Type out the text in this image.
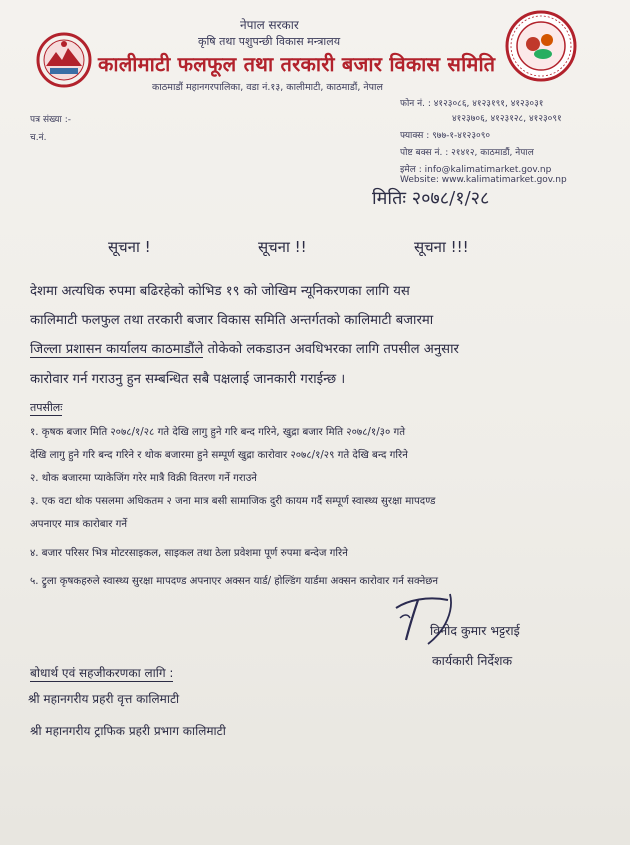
नेपाल सरकार
कृषि तथा पशुपन्छी विकास मन्त्रालय
कालीमाटी फलफूल तथा तरकारी बजार विकास समिति
काठमाडौं महानगरपालिका, वडा नं.१३, कालीमाटी, काठमाडौं, नेपाल
पत्र संख्या :-
च.नं.
फोन नं. : ४१२३०८६, ४१२३१९१, ४१२३०३१
४१२३७०६, ४१२३१२८, ४१२३०९१
फ्याक्स : ९७७-१-४१२३०९०
पोष्ट बक्स नं. : २१४१२, काठमाडौं, नेपाल
इमेल : info@kalimatimarket.gov.np
Website: www.kalimatimarket.gov.np
मितिः २०७८/१/२८
सूचना !	सूचना !!	सूचना !!!
देशमा अत्यधिक रुपमा बढिरहेको कोभिड १९ को जोखिम न्यूनिकरणका लागि यस
कालिमाटी फलफुल तथा तरकारी बजार विकास समिति अन्तर्गतको कालिमाटी बजारमा
जिल्ला प्रशासन कार्यालय काठमाडौंले तोकेको लकडाउन अवधिभरका लागि तपसील अनुसार
कारोवार गर्न गराउनु हुन सम्बन्धित सबै पक्षलाई जानकारी गराईन्छ ।
तपसीलः
१. कृषक बजार मिति २०७८/१/२८ गते देखि लागु हुने गरि बन्द गरिने, खुद्रा बजार मिति २०७८/१/३० गते
देखि लागु हुने गरि बन्द गरिने र थोक बजारमा हुने सम्पूर्ण खुद्रा कारोवार २०७८/१/२९ गते देखि बन्द गरिने
२. थोक बजारमा प्याकेजिंग गरेर मात्रै विक्री वितरण गर्ने गराउने
३. एक वटा थोक पसलमा अधिकतम २ जना मात्र बसी सामाजिक दुरी कायम गर्दै सम्पूर्ण स्वास्थ्य सुरक्षा मापदण्ड
अपनाएर मात्र कारोबार गर्ने
४. बजार परिसर भित्र मोटरसाइकल, साइकल तथा ठेला प्रवेशमा पूर्ण रुपमा बन्देज गरिने
५. ट्रुला कृषकहरुले स्वास्थ्य सुरक्षा मापदण्ड अपनाएर अक्सन यार्ड/ होल्डिंग यार्डमा अक्सन कारोवार गर्न सक्नेछन
विनोद कुमार भट्टराई
कार्यकारी निर्देशक
बोधार्थ एवं सहजीकरणका लागि :
श्री महानगरीय प्रहरी वृत्त कालिमाटी
श्री महानगरीय ट्राफिक प्रहरी प्रभाग कालिमाटी
